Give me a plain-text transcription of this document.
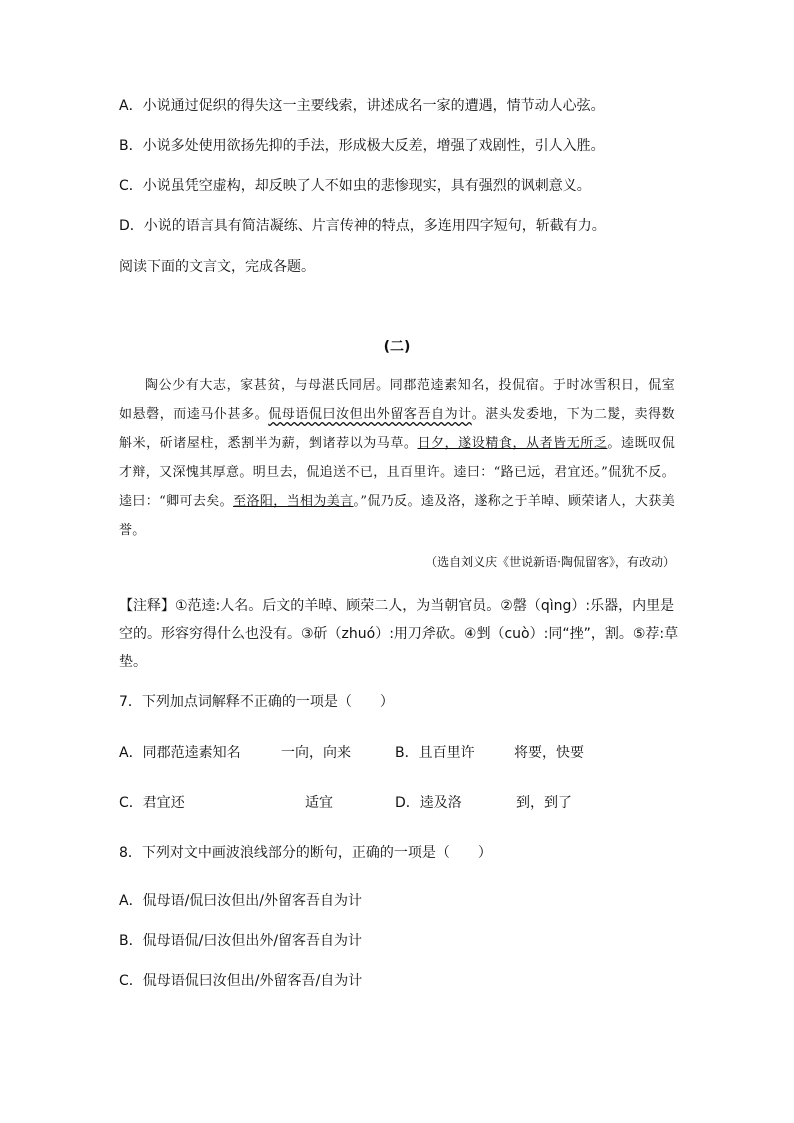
A．小说通过促织的得失这一主要线索，讲述成名一家的遭遇，情节动人心弦。
B．小说多处使用欲扬先抑的手法，形成极大反差，增强了戏剧性，引人入胜。
C．小说虽凭空虚构，却反映了人不如虫的悲惨现实，具有强烈的讽刺意义。
D．小说的语言具有简洁凝练、片言传神的特点，多连用四字短句，斩截有力。
阅读下面的文言文，完成各题。
(二)
陶公少有大志，家甚贫，与母湛氏同居。同郡范逵素知名，投侃宿。于时冰雪积日，侃室如悬磬，而逵马仆甚多。侃母语侃曰汝但出外留客吾自为计。湛头发委地，下为二髲，卖得数斛米，斫诸屋柱，悉割半为薪，剉诸荐以为马草。日夕，遂设精食，从者皆无所乏。逵既叹侃才辩，又深愧其厚意。明旦去，侃追送不已，且百里许。逵曰：“路已远，君宜还。”侃犹不反。逵曰：“卿可去矣。至洛阳，当相为美言。”侃乃反。逵及洛，遂称之于羊晫、顾荣诸人，大获美誉。
（选自刘义庆《世说新语·陶侃留客》，有改动）
【注释】①范逵:人名。后文的羊晫、顾荣二人，为当朝官员。②罄（qìng）:乐器，内里是空的。形容穷得什么也没有。③斫（zhuó）:用刀斧砍。④剉（cuò）:同“挫”，割。⑤荐:草垫。
7．下列加点词解释不正确的一项是（　　）
A．同郡范逵素知名	一向，向来	B．且百里许	将要，快要
C．君宜还	适宜	D．逵及洛	到，到了
8．下列对文中画波浪线部分的断句，正确的一项是（　　）
A．侃母语/侃曰汝但出/外留客吾自为计
B．侃母语侃/曰汝但出外/留客吾自为计
C．侃母语侃曰汝但出/外留客吾/自为计
